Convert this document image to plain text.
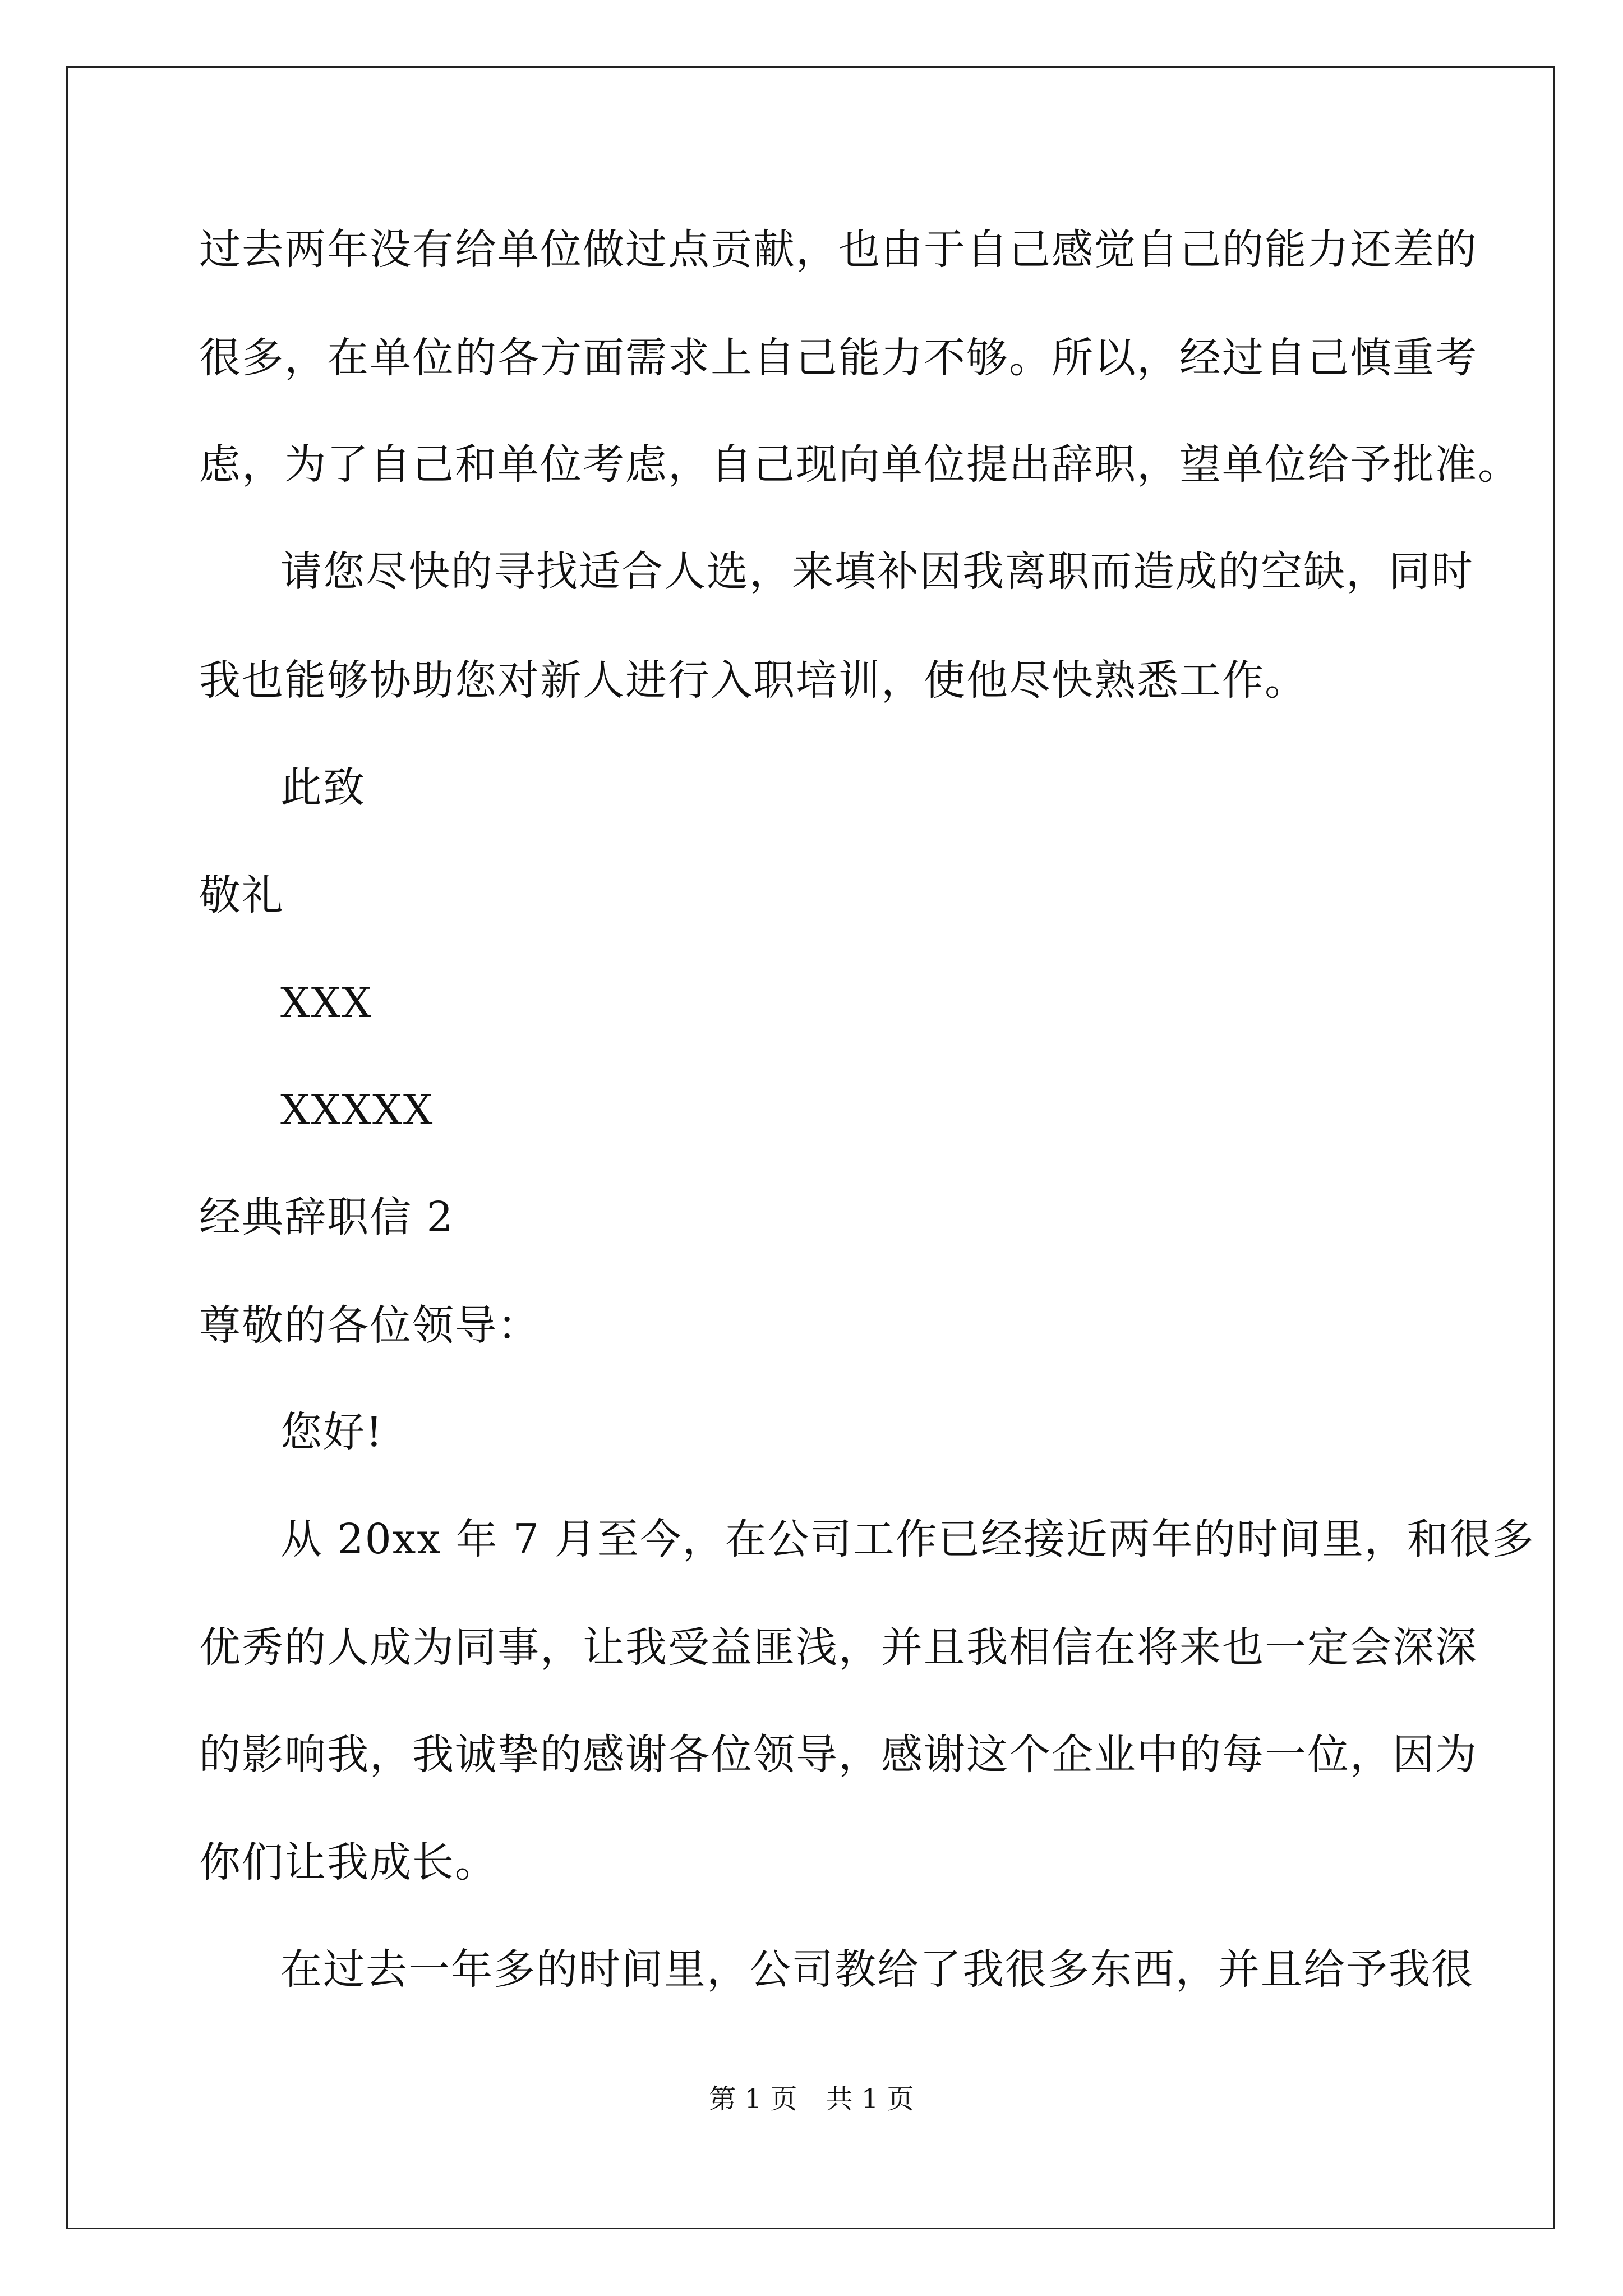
过去两年没有给单位做过点贡献，也由于自己感觉自己的能力还差的
很多，在单位的各方面需求上自己能力不够。所以，经过自己慎重考
虑，为了自己和单位考虑，自己现向单位提出辞职，望单位给予批准。
请您尽快的寻找适合人选，来填补因我离职而造成的空缺，同时
我也能够协助您对新人进行入职培训，使他尽快熟悉工作。
此致
敬礼
XXX
XXXXX
经典辞职信 2
尊敬的各位领导：
您好!
从 20xx 年 7 月至今，在公司工作已经接近两年的时间里，和很多
优秀的人成为同事，让我受益匪浅，并且我相信在将来也一定会深深
的影响我，我诚挚的感谢各位领导，感谢这个企业中的每一位，因为
你们让我成长。
在过去一年多的时间里，公司教给了我很多东西，并且给予我很
第 1 页 共 1 页
